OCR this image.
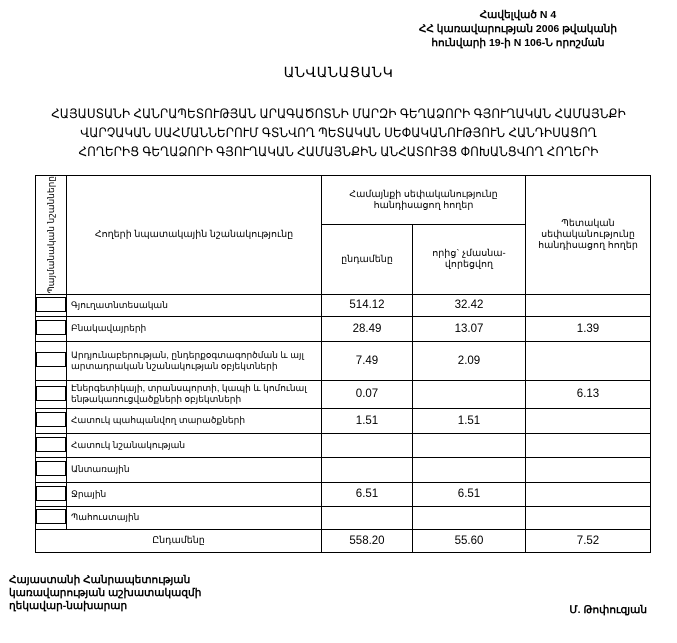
Հավելված N 4
ՀՀ կառավարության 2006 թվականի
հունվարի 19-ի N 106-Ն որոշման
ԱՆՎԱՆԱՑԱՆԿ
ՀԱՅԱՍՏԱՆԻ ՀԱՆՐԱՊԵՏՈՒԹՅԱՆ ԱՐԱԳԱԾՈՏՆԻ ՄԱՐԶԻ ԳԵՂԱՁՈՐԻ ԳՅՈՒՂԱԿԱՆ ՀԱՄԱՅՆՔԻ
ՎԱՐՉԱԿԱՆ ՍԱՀՄԱՆՆԵՐՈՒՄ ԳՏՆՎՈՂ ՊԵՏԱԿԱՆ ՍԵՓԱԿԱՆՈՒԹՅՈՒՆ ՀԱՆԴԻՍԱՑՈՂ
ՀՈՂԵՐԻՑ ԳԵՂԱՁՈՐԻ ԳՅՈՒՂԱԿԱՆ ՀԱՄԱՅՆՔԻՆ ԱՆՀԱՏՈՒՅՑ ՓՈԽԱՆՑՎՈՂ ՀՈՂԵՐԻ
Պայմանական նշանները	Հողերի նպատակային նշանակությունը	Համայնքի սեփականությունը հանդիսացող հողեր		Պետական սեփականությունը հանդիսացող հողեր
		ընդամենը	որից` չմասնա-վորեցվող	
	Գյուղատնտեսական	514.12	32.42	
	Բնակավայրերի	28.49	13.07	1.39
	Արդյունաբերության, ընդերքօգտագործման և այլ արտադրական նշանակության օբյեկտների	7.49	2.09	
	Էներգետիկայի, տրանսպորտի, կապի և կոմունալ ենթակառուցվածքների օբյեկտների	0.07		6.13
	Հատուկ պահպանվող տարածքների	1.51	1.51	
	Հատուկ նշանակության			
	Անտառային			
	Ջրային	6.51	6.51	
	Պահուստային			
Ընդամենը		558.20	55.60	7.52
Հայաստանի Հանրապետության
կառավարության աշխատակազմի
ղեկավար-նախարար	Մ. Թոփուզյան
